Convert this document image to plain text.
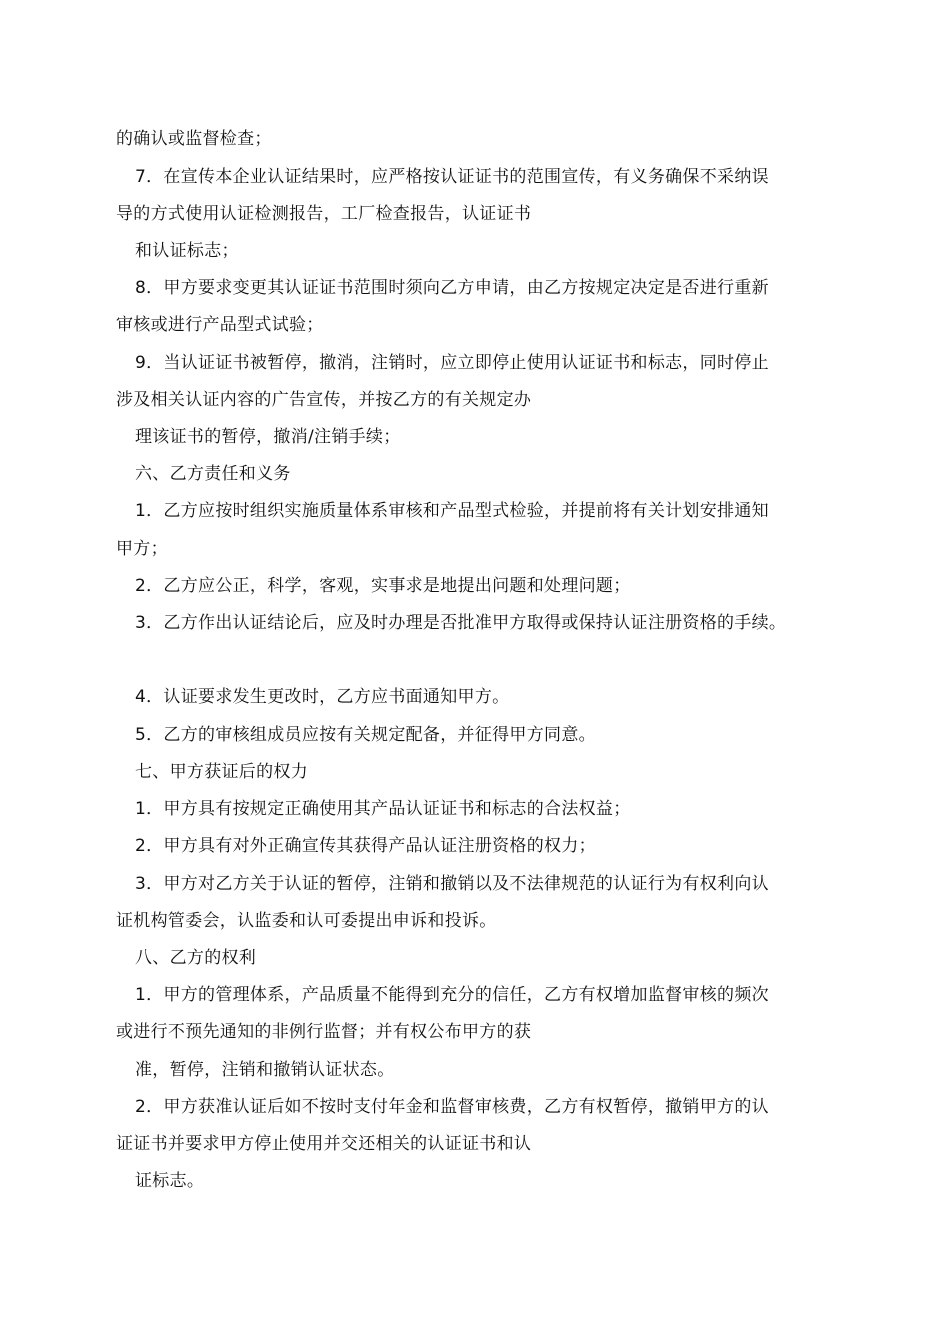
的确认或监督检查；
7．在宣传本企业认证结果时，应严格按认证证书的范围宣传，有义务确保不采纳误
导的方式使用认证检测报告，工厂检查报告，认证证书
和认证标志；
8．甲方要求变更其认证证书范围时须向乙方申请，由乙方按规定决定是否进行重新
审核或进行产品型式试验；
9．当认证证书被暂停，撤消，注销时，应立即停止使用认证证书和标志，同时停止
涉及相关认证内容的广告宣传，并按乙方的有关规定办
理该证书的暂停，撤消/注销手续；
六、乙方责任和义务
1．乙方应按时组织实施质量体系审核和产品型式检验，并提前将有关计划安排通知
甲方；
2．乙方应公正，科学，客观，实事求是地提出问题和处理问题；
3．乙方作出认证结论后，应及时办理是否批准甲方取得或保持认证注册资格的手续。
4．认证要求发生更改时，乙方应书面通知甲方。
5．乙方的审核组成员应按有关规定配备，并征得甲方同意。
七、甲方获证后的权力
1．甲方具有按规定正确使用其产品认证证书和标志的合法权益；
2．甲方具有对外正确宣传其获得产品认证注册资格的权力；
3．甲方对乙方关于认证的暂停，注销和撤销以及不法律规范的认证行为有权利向认
证机构管委会，认监委和认可委提出申诉和投诉。
八、乙方的权利
1．甲方的管理体系，产品质量不能得到充分的信任，乙方有权增加监督审核的频次
或进行不预先通知的非例行监督；并有权公布甲方的获
准，暂停，注销和撤销认证状态。
2．甲方获准认证后如不按时支付年金和监督审核费，乙方有权暂停，撤销甲方的认
证证书并要求甲方停止使用并交还相关的认证证书和认
证标志。
